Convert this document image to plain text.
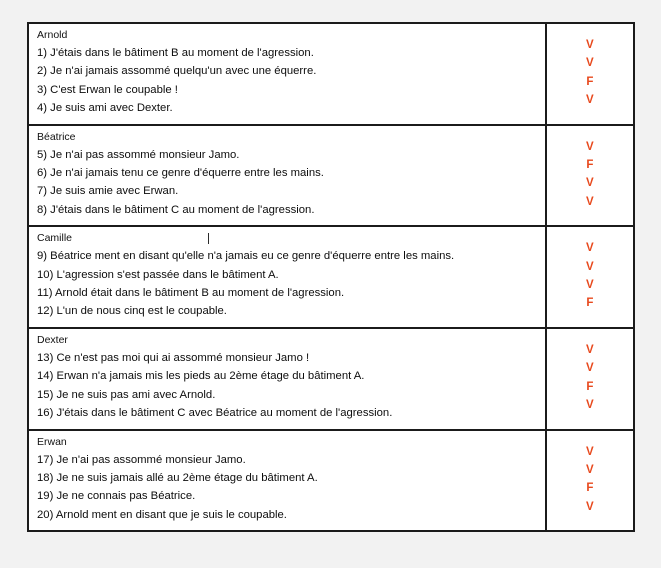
Arnold
1) J'étais dans le bâtiment B au moment de l'agression.
2) Je n'ai jamais assommé quelqu'un avec une équerre.
3) C'est Erwan le coupable !
4) Je suis ami avec Dexter.
V
V
F
V
Béatrice
5) Je n'ai pas assommé monsieur Jamo.
6) Je n'ai jamais tenu ce genre d'équerre entre les mains.
7) Je suis amie avec Erwan.
8) J'étais dans le bâtiment C au moment de l'agression.
V
F
V
V
Camille
9) Béatrice ment en disant qu'elle n'a jamais eu ce genre d'équerre entre les mains.
10) L'agression s'est passée dans le bâtiment A.
11) Arnold était dans le bâtiment B au moment de l'agression.
12) L'un de nous cinq est le coupable.
V
V
V
F
Dexter
13) Ce n'est pas moi qui ai assommé monsieur Jamo !
14) Erwan n'a jamais mis les pieds au 2ème étage du bâtiment A.
15) Je ne suis pas ami avec Arnold.
16) J'étais dans le bâtiment C avec Béatrice au moment de l'agression.
V
V
F
V
Erwan
17) Je n'ai pas assommé monsieur Jamo.
18) Je ne suis jamais allé au 2ème étage du bâtiment A.
19) Je ne connais pas Béatrice.
20) Arnold ment en disant que je suis le coupable.
V
V
F
V
